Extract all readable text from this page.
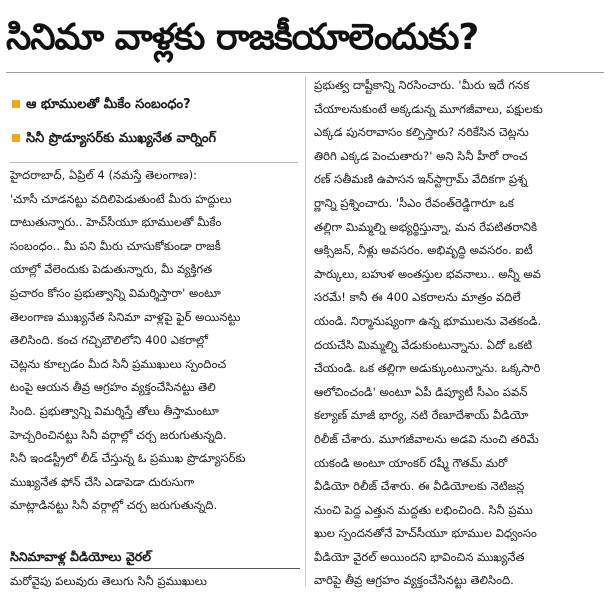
సినిమా వాళ్లకు రాజకీయాలెందుకు?
ఆ భూములతో మీకేం సంబంధం?
సినీ ప్రొడ్యూసర్‌కు ముఖ్యనేత వార్నింగ్
హైదరాబాద్, ఏప్రిల్ 4 (నమస్తే తెలంగాణ):
'చూసీ చూడనట్టు వదిలిపెడుతుంటే మీరు హద్దులు
దాటుతున్నారు.. హెచ్‌సీయూ భూములతో మీకేం
సంబంధం.. మీ పని మీరు చూసుకోకుండా రాజకీ
యాల్లో వేలెందుకు పెడుతున్నారు, మీ వ్యక్తిగత
ప్రచారం కోసం ప్రభుత్వాన్ని విమర్శిస్తారా' అంటూ
తెలంగాణ ముఖ్యనేత సినిమా వాళ్లపై ఫైర్ అయినట్టు
తెలిసింది. కంచ గచ్చిబౌలిలోని 400 ఎకరాల్లో
చెట్లను కూల్చడం మీద సినీ ప్రముఖులు స్పందించ
టంపై ఆయన తీవ్ర ఆగ్రహం వ్యక్తంచేసినట్టు తెలి
సింది. ప్రభుత్వాన్ని విమర్శిస్తే తోలు తీస్తామంటూ
హెచ్చరించినట్టు సినీ వర్గాల్లో చర్చ జరుగుతున్నది.
సినీ ఇండస్ట్రీలో లీడ్ చేస్తున్న ఓ ప్రముఖ ప్రొడ్యూసర్‌కు
ముఖ్యనేత ఫోన్ చేసి ఎడాపెడా దురుసుగా
మాట్లాడినట్టు సినీ వర్గాల్లో చర్చ జరుగుతున్నది.
సినిమావాళ్ల వీడియోలు వైరల్
మరోవైపు పలువురు తెలుగు సినీ ప్రముఖులు
ప్రభుత్వ దాష్టీకాన్ని నిరసించారు. 'మీరు ఇదే గనక
చేయాలనుకుంటే అక్కడున్న మూగజీవాలు, పక్షులకు
ఎక్కడ పునరావాసం కల్పిస్తారు? నరికేసిన చెట్లను
తిరిగి ఎక్కడ పెంచుతారు?' అని సినీ హీరో రాంచ
రణ్ సతీమణి ఉపాసన ఇన్‌స్టాగ్రామ్ వేదికగా ప్రశ్న
ర్ణాన్ని ప్రశ్నించారు. 'సీఎం రేవంత్‌రెడ్డిగారూ ఒక
తల్లిగా మిమ్మల్ని అభ్యర్థిస్తున్నా, మన రేపటితరానికి
ఆక్సిజన్, నీళ్లు అవసరం. అభివృద్ధి అవసరం. ఐటీ
పార్కులు, బహుళ అంతస్తుల భవనాలు.. అన్నీ అవ
సరమే! కానీ ఈ 400 ఎకరాలను మాత్రం వదిలే
యండి. నిర్మానుష్యంగా ఉన్న భూములను వెతకండి.
దయచేసి మిమ్మల్ని వేడుకుంటున్నాను. ఏదో ఒకటి
చేయండి. ఒక తల్లిగా అడుక్కుంటున్నాను. ఒక్కసారి
ఆలోచించండి' అంటూ ఏపీ డిప్యూటీ సీఎం పవన్
కల్యాణ్ మాజీ భార్య, నటి రేణూదేశాయ్ వీడియో
రిలీజ్ చేశారు. మూగజీవాలను అడవి నుంచి తరిమే
యకండి అంటూ యాంకర్ రష్మీ గౌతమ్ మరో
వీడియో రిలీజ్ చేశారు. ఈ వీడియోలకు నెటిజన్ల
నుంచి పెద్ద ఎత్తున మద్దతు లభించింది. సినీ ప్రము
ఖుల స్పందనతోనే హెచ్‌సీయూ భూముల విధ్వంసం
వీడియో వైరల్ అయిందని భావించిన ముఖ్యనేత
వారిపై తీవ్ర ఆగ్రహం వ్యక్తంచేసినట్టు తెలిసింది.
